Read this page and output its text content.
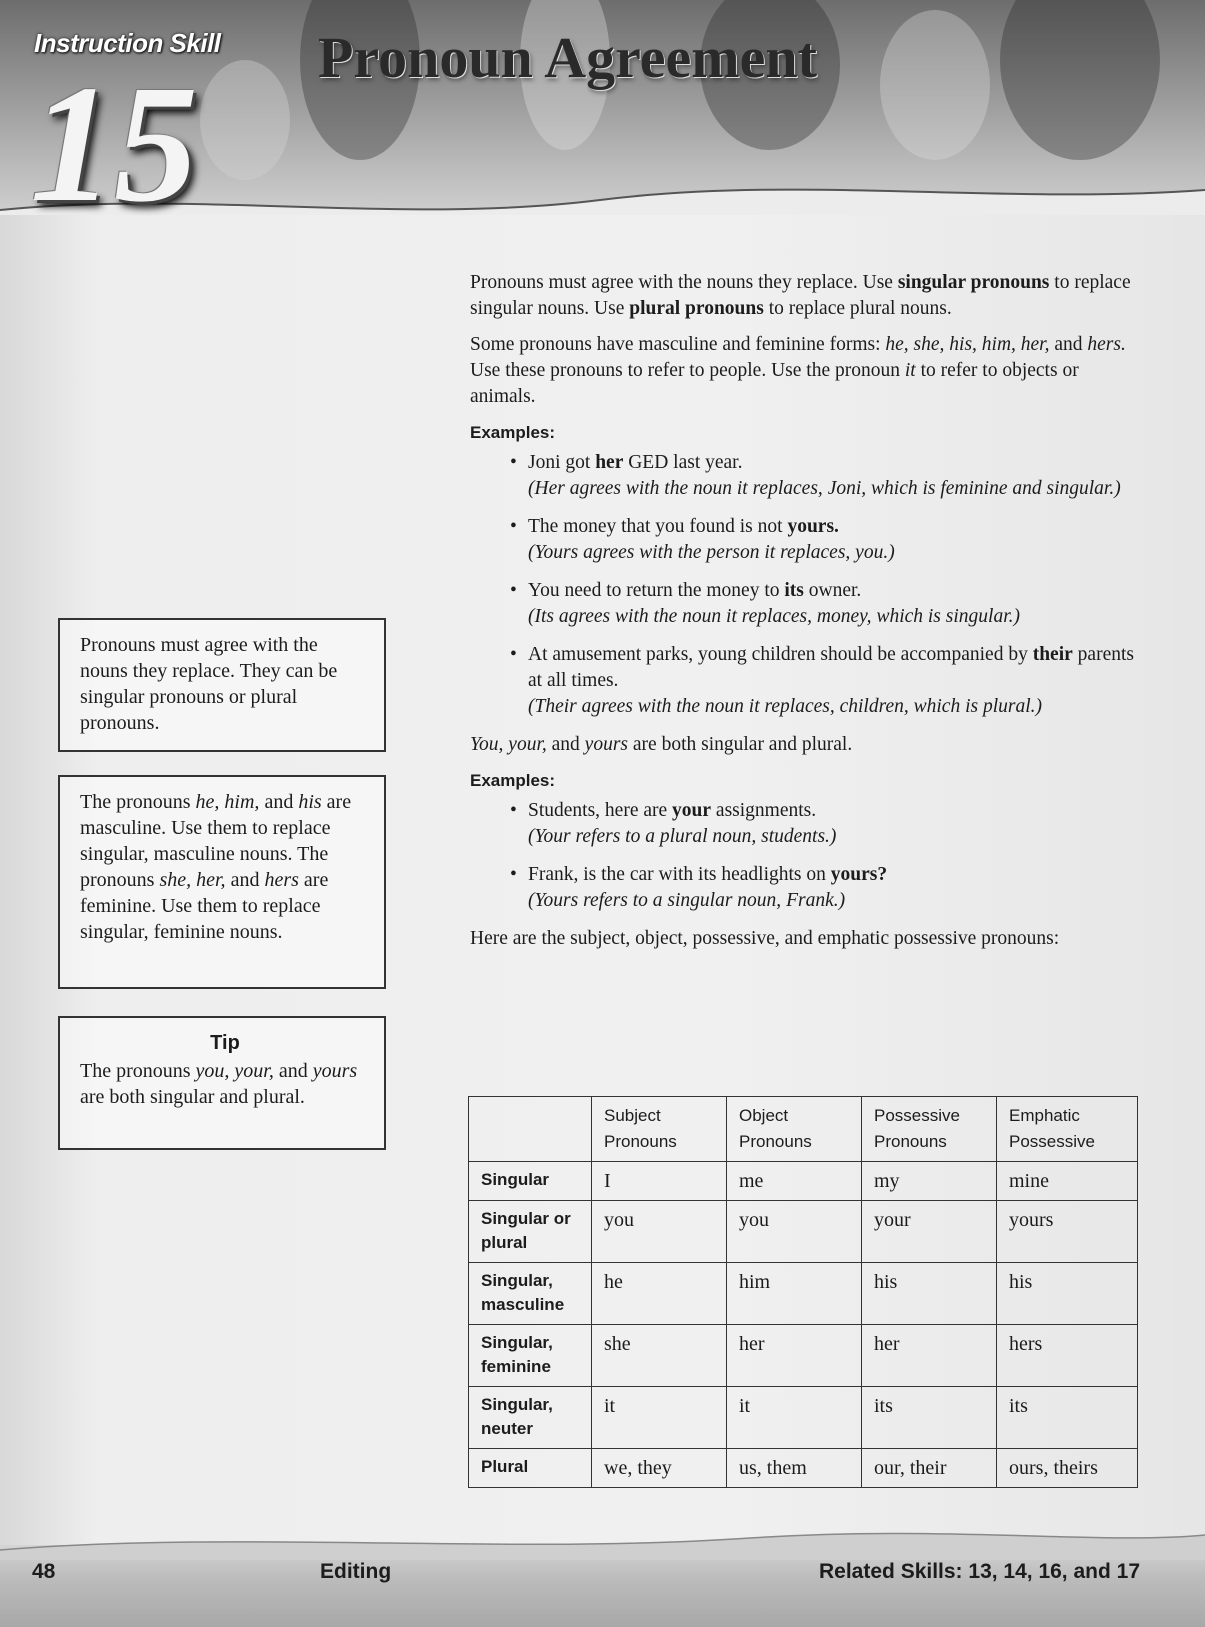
Instruction Skill
15 Pronoun Agreement

Pronouns must agree with the nouns they replace. Use singular pronouns to replace singular nouns. Use plural pronouns to replace plural nouns.

Some pronouns have masculine and feminine forms: he, she, his, him, her, and hers. Use these pronouns to refer to people. Use the pronoun it to refer to objects or animals.

Examples:
• Joni got her GED last year.
(Her agrees with the noun it replaces, Joni, which is feminine and singular.)
• The money that you found is not yours.
(Yours agrees with the person it replaces, you.)
• You need to return the money to its owner.
(Its agrees with the noun it replaces, money, which is singular.)
• At amusement parks, young children should be accompanied by their parents at all times.
(Their agrees with the noun it replaces, children, which is plural.)

You, your, and yours are both singular and plural.

Examples:
• Students, here are your assignments.
(Your refers to a plural noun, students.)
• Frank, is the car with its headlights on yours?
(Yours refers to a singular noun, Frank.)

Here are the subject, object, possessive, and emphatic possessive pronouns:

	Subject Pronouns	Object Pronouns	Possessive Pronouns	Emphatic Possessive
Singular	I	me	my	mine
Singular or plural	you	you	your	yours
Singular, masculine	he	him	his	his
Singular, feminine	she	her	her	hers
Singular, neuter	it	it	its	its
Plural	we, they	us, them	our, their	ours, theirs
Pronouns must agree with the nouns they replace. They can be singular pronouns or plural pronouns.
The pronouns he, him, and his are masculine. Use them to replace singular, masculine nouns. The pronouns she, her, and hers are feminine. Use them to replace singular, feminine nouns.
Tip
The pronouns you, your, and yours are both singular and plural.
48	Editing	Related Skills: 13, 14, 16, and 17
